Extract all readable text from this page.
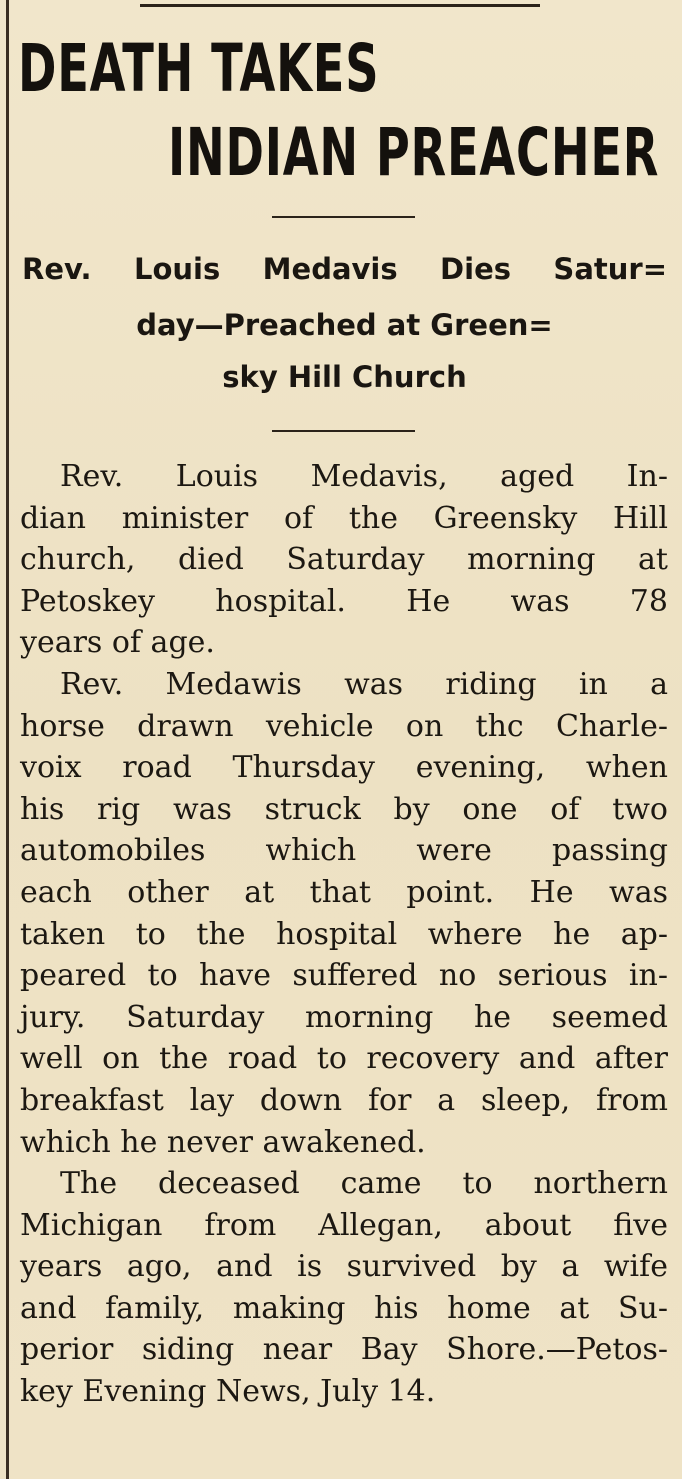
DEATH TAKES
INDIAN PREACHER

Rev. Louis Medavis Dies Satur=

day—Preached at Green=

sky Hill Church

Rev. Louis Medavis, aged In-
dian minister of the Greensky Hill
church, died Saturday morning at
Petoskey hospital. He was 78
years of age.
Rev. Medawis was riding in a
horse drawn vehicle on thc Charle-
voix road Thursday evening, when
his rig was struck by one of two
automobiles which were passing
each other at that point. He was
taken to the hospital where he ap-
peared to have suffered no serious in-
jury. Saturday morning he seemed
well on the road to recovery and after
breakfast lay down for a sleep, from
which he never awakened.
The deceased came to northern
Michigan from Allegan, about five
years ago, and is survived by a wife
and family, making his home at Su-
perior siding near Bay Shore.—Petos-
key Evening News, July 14.
